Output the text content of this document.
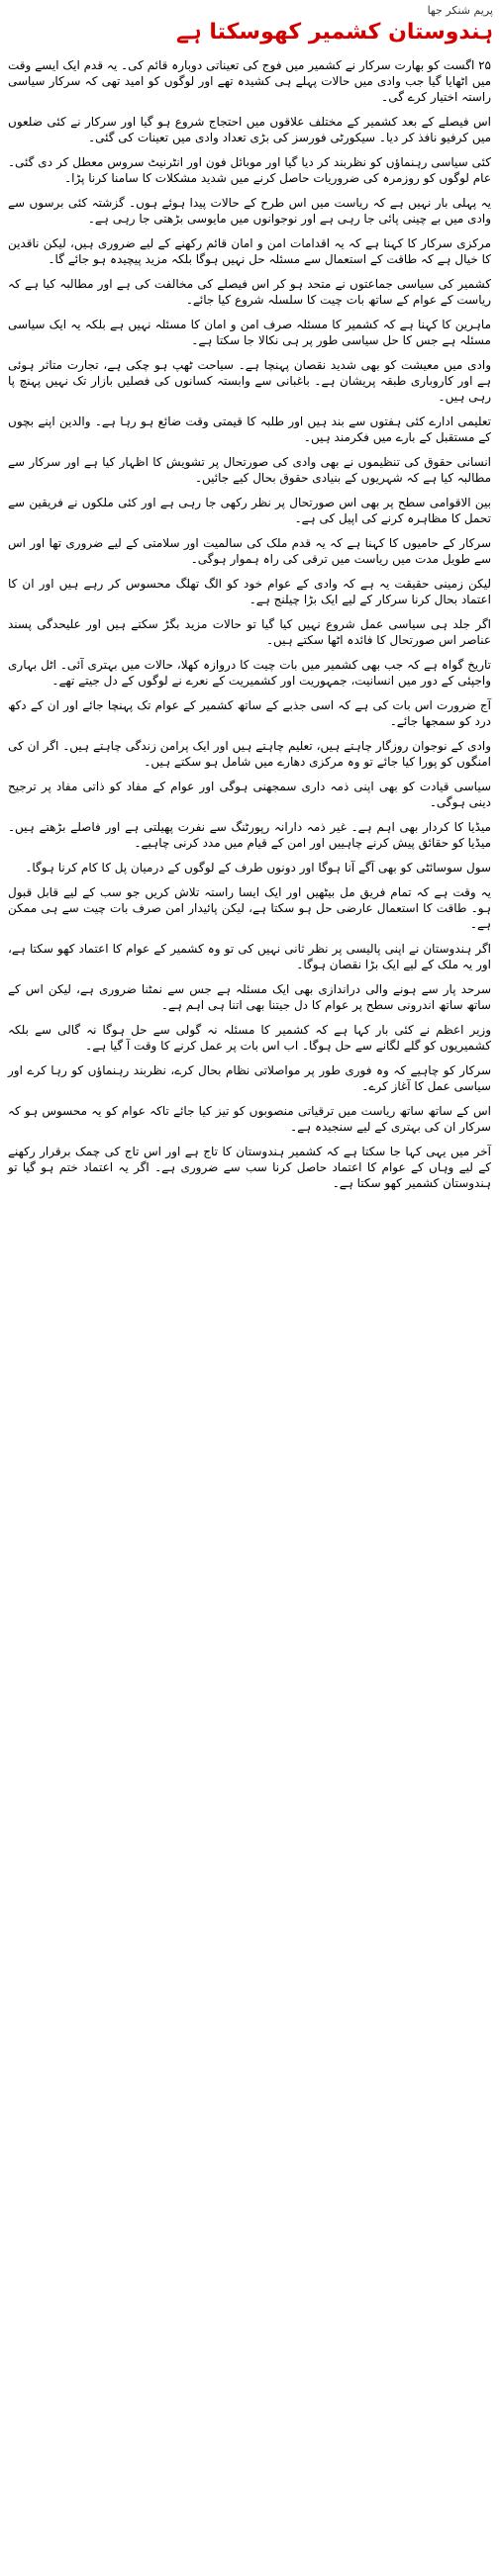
پریم شنکر جھا
ہندوستان کشمیر کھوسکتا ہے

۲۵ اگست کو بھارت سرکار نے کشمیر میں فوج کی تعیناتی دوبارہ قائم کی۔ یہ قدم ایک ایسے وقت میں اٹھایا گیا جب وادی میں حالات پہلے ہی کشیدہ تھے اور لوگوں کو امید تھی کہ سرکار سیاسی راستہ اختیار کرے گی۔

اس فیصلے کے بعد کشمیر کے مختلف علاقوں میں احتجاج شروع ہو گیا اور سرکار نے کئی ضلعوں میں کرفیو نافذ کر دیا۔ سیکورٹی فورسز کی بڑی تعداد وادی میں تعینات کی گئی۔

کئی سیاسی رہنماؤں کو نظربند کر دیا گیا اور موبائل فون اور انٹرنیٹ سروس معطل کر دی گئی۔ عام لوگوں کو روزمرہ کی ضروریات حاصل کرنے میں شدید مشکلات کا سامنا کرنا پڑا۔

یہ پہلی بار نہیں ہے کہ ریاست میں اس طرح کے حالات پیدا ہوئے ہوں۔ گزشتہ کئی برسوں سے وادی میں بے چینی پائی جا رہی ہے اور نوجوانوں میں مایوسی بڑھتی جا رہی ہے۔

مرکزی سرکار کا کہنا ہے کہ یہ اقدامات امن و امان قائم رکھنے کے لیے ضروری ہیں، لیکن ناقدین کا خیال ہے کہ طاقت کے استعمال سے مسئلہ حل نہیں ہوگا بلکہ مزید پیچیدہ ہو جائے گا۔

کشمیر کی سیاسی جماعتوں نے متحد ہو کر اس فیصلے کی مخالفت کی ہے اور مطالبہ کیا ہے کہ ریاست کے عوام کے ساتھ بات چیت کا سلسلہ شروع کیا جائے۔

ماہرین کا کہنا ہے کہ کشمیر کا مسئلہ صرف امن و امان کا مسئلہ نہیں ہے بلکہ یہ ایک سیاسی مسئلہ ہے جس کا حل سیاسی طور پر ہی نکالا جا سکتا ہے۔

وادی میں معیشت کو بھی شدید نقصان پہنچا ہے۔ سیاحت ٹھپ ہو چکی ہے، تجارت متاثر ہوئی ہے اور کاروباری طبقہ پریشان ہے۔ باغبانی سے وابستہ کسانوں کی فصلیں بازار تک نہیں پہنچ پا رہی ہیں۔

تعلیمی ادارے کئی ہفتوں سے بند ہیں اور طلبہ کا قیمتی وقت ضائع ہو رہا ہے۔ والدین اپنے بچوں کے مستقبل کے بارے میں فکرمند ہیں۔

انسانی حقوق کی تنظیموں نے بھی وادی کی صورتحال پر تشویش کا اظہار کیا ہے اور سرکار سے مطالبہ کیا ہے کہ شہریوں کے بنیادی حقوق بحال کیے جائیں۔

بین الاقوامی سطح پر بھی اس صورتحال پر نظر رکھی جا رہی ہے اور کئی ملکوں نے فریقین سے تحمل کا مظاہرہ کرنے کی اپیل کی ہے۔

سرکار کے حامیوں کا کہنا ہے کہ یہ قدم ملک کی سالمیت اور سلامتی کے لیے ضروری تھا اور اس سے طویل مدت میں ریاست میں ترقی کی راہ ہموار ہوگی۔

لیکن زمینی حقیقت یہ ہے کہ وادی کے عوام خود کو الگ تھلگ محسوس کر رہے ہیں اور ان کا اعتماد بحال کرنا سرکار کے لیے ایک بڑا چیلنج ہے۔

اگر جلد ہی سیاسی عمل شروع نہیں کیا گیا تو حالات مزید بگڑ سکتے ہیں اور علیحدگی پسند عناصر اس صورتحال کا فائدہ اٹھا سکتے ہیں۔

تاریخ گواہ ہے کہ جب بھی کشمیر میں بات چیت کا دروازہ کھلا، حالات میں بہتری آئی۔ اٹل بہاری واجپئی کے دور میں انسانیت، جمہوریت اور کشمیریت کے نعرے نے لوگوں کے دل جیتے تھے۔

آج ضرورت اس بات کی ہے کہ اسی جذبے کے ساتھ کشمیر کے عوام تک پہنچا جائے اور ان کے دکھ درد کو سمجھا جائے۔

وادی کے نوجوان روزگار چاہتے ہیں، تعلیم چاہتے ہیں اور ایک پرامن زندگی چاہتے ہیں۔ اگر ان کی امنگوں کو پورا کیا جائے تو وہ مرکزی دھارے میں شامل ہو سکتے ہیں۔

سیاسی قیادت کو بھی اپنی ذمہ داری سمجھنی ہوگی اور عوام کے مفاد کو ذاتی مفاد پر ترجیح دینی ہوگی۔

میڈیا کا کردار بھی اہم ہے۔ غیر ذمہ دارانہ رپورٹنگ سے نفرت پھیلتی ہے اور فاصلے بڑھتے ہیں۔ میڈیا کو حقائق پیش کرنے چاہییں اور امن کے قیام میں مدد کرنی چاہیے۔

سول سوسائٹی کو بھی آگے آنا ہوگا اور دونوں طرف کے لوگوں کے درمیان پل کا کام کرنا ہوگا۔

یہ وقت ہے کہ تمام فریق مل بیٹھیں اور ایک ایسا راستہ تلاش کریں جو سب کے لیے قابل قبول ہو۔ طاقت کا استعمال عارضی حل ہو سکتا ہے، لیکن پائیدار امن صرف بات چیت سے ہی ممکن ہے۔

اگر ہندوستان نے اپنی پالیسی پر نظر ثانی نہیں کی تو وہ کشمیر کے عوام کا اعتماد کھو سکتا ہے، اور یہ ملک کے لیے ایک بڑا نقصان ہوگا۔

سرحد پار سے ہونے والی دراندازی بھی ایک مسئلہ ہے جس سے نمٹنا ضروری ہے، لیکن اس کے ساتھ ساتھ اندرونی سطح پر عوام کا دل جیتنا بھی اتنا ہی اہم ہے۔

وزیر اعظم نے کئی بار کہا ہے کہ کشمیر کا مسئلہ نہ گولی سے حل ہوگا نہ گالی سے بلکہ کشمیریوں کو گلے لگانے سے حل ہوگا۔ اب اس بات پر عمل کرنے کا وقت آ گیا ہے۔

سرکار کو چاہیے کہ وہ فوری طور پر مواصلاتی نظام بحال کرے، نظربند رہنماؤں کو رہا کرے اور سیاسی عمل کا آغاز کرے۔

اس کے ساتھ ساتھ ریاست میں ترقیاتی منصوبوں کو تیز کیا جائے تاکہ عوام کو یہ محسوس ہو کہ سرکار ان کی بہتری کے لیے سنجیدہ ہے۔

آخر میں یہی کہا جا سکتا ہے کہ کشمیر ہندوستان کا تاج ہے اور اس تاج کی چمک برقرار رکھنے کے لیے وہاں کے عوام کا اعتماد حاصل کرنا سب سے ضروری ہے۔ اگر یہ اعتماد ختم ہو گیا تو ہندوستان کشمیر کھو سکتا ہے۔
